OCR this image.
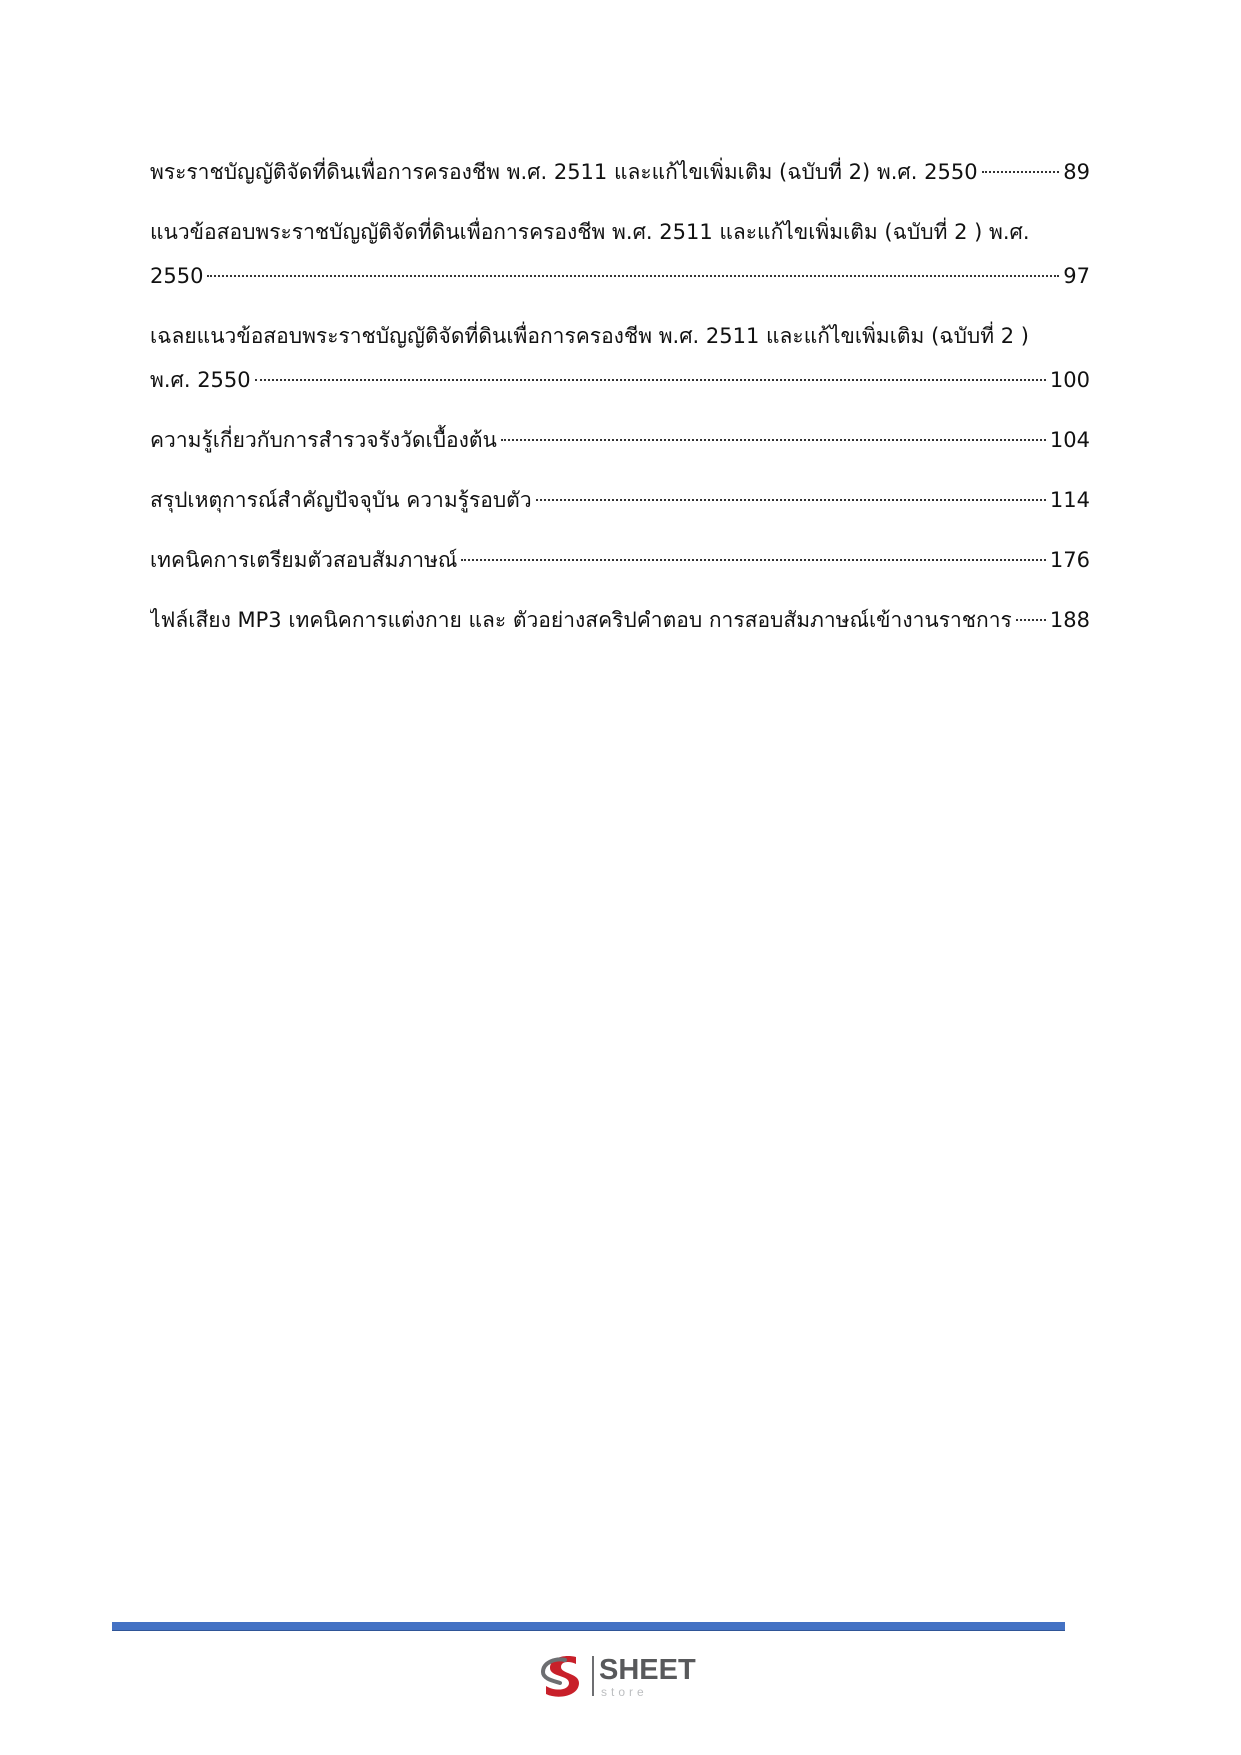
พระราชบัญญัติจัดที่ดินเพื่อการครองชีพ พ.ศ. 2511 และแก้ไขเพิ่มเติม (ฉบับที่ 2) พ.ศ. 2550	89
แนวข้อสอบพระราชบัญญัติจัดที่ดินเพื่อการครองชีพ พ.ศ. 2511 และแก้ไขเพิ่มเติม (ฉบับที่ 2 ) พ.ศ.
2550	97
เฉลยแนวข้อสอบพระราชบัญญัติจัดที่ดินเพื่อการครองชีพ พ.ศ. 2511 และแก้ไขเพิ่มเติม (ฉบับที่ 2 )
พ.ศ. 2550	100
ความรู้เกี่ยวกับการสำรวจรังวัดเบื้องต้น	104
สรุปเหตุการณ์สำคัญปัจจุบัน ความรู้รอบตัว	114
เทคนิคการเตรียมตัวสอบสัมภาษณ์	176
ไฟล์เสียง MP3 เทคนิคการแต่งกาย และ ตัวอย่างสคริปคำตอบ การสอบสัมภาษณ์เข้างานราชการ 188
SHEET
store
